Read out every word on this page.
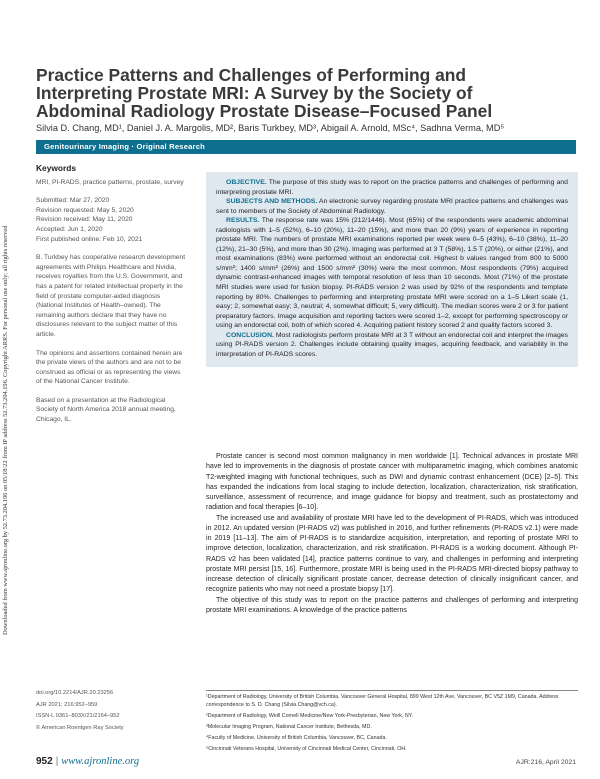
Downloaded from www.ajronline.org by 52.73.204.196 on 05/18/22 from IP address 52.73.204.196. Copyright ARRS. For personal use only; all rights reserved
Practice Patterns and Challenges of Performing and Interpreting Prostate MRI: A Survey by the Society of Abdominal Radiology Prostate Disease–Focused Panel
Silvia D. Chang, MD¹, Daniel J. A. Margolis, MD², Baris Turkbey, MD³, Abigail A. Arnold, MSc⁴, Sadhna Verma, MD⁵
Genitourinary Imaging · Original Research
Keywords

MRI, PI-RADS, practice patterns, prostate, survey

Submitted: Mar 27, 2020

Revision requested: May 5, 2020

Revision received: May 11, 2020

Accepted: Jun 1, 2020

First published online: Feb 10, 2021

B. Turkbey has cooperative research development agreements with Philips Healthcare and Nvidia, receives royalties from the U.S. Government, and has a patent for related intellectual property in the field of prostate computer-aided diagnosis (National Institutes of Health–owned). The remaining authors declare that they have no disclosures relevant to the subject matter of this article.

The opinions and assertions contained herein are the private views of the authors and are not to be construed as official or as representing the views of the National Cancer Institute.

Based on a presentation at the Radiological Society of North America 2018 annual meeting, Chicago, IL.

OBJECTIVE. The purpose of this study was to report on the practice patterns and challenges of performing and interpreting prostate MRI.

SUBJECTS AND METHODS. An electronic survey regarding prostate MRI practice patterns and challenges was sent to members of the Society of Abdominal Radiology.

RESULTS. The response rate was 15% (212/1446). Most (65%) of the respondents were academic abdominal radiologists with 1–5 (52%), 6–10 (20%), 11–20 (15%), and more than 20 (9%) years of experience in reporting prostate MRI. The numbers of prostate MRI examinations reported per week were 0–5 (43%), 6–10 (38%), 11–20 (12%), 21–30 (5%), and more than 30 (2%). Imaging was performed at 3 T (58%), 1.5 T (20%), or either (21%), and most examinations (83%) were performed without an endorectal coil. Highest b values ranged from 800 to 5000 s/mm²; 1400 s/mm² (26%) and 1500 s/mm² (30%) were the most common. Most respondents (79%) acquired dynamic contrast-enhanced images with temporal resolution of less than 10 seconds. Most (71%) of the prostate MRI studies were used for fusion biopsy. PI-RADS version 2 was used by 92% of the respondents and template reporting by 80%. Challenges to performing and interpreting prostate MRI were scored on a 1–5 Likert scale (1, easy; 2, somewhat easy; 3, neutral; 4, somewhat difficult; 5, very difficult). The median scores were 2 or 3 for patient preparatory factors. Image acquisition and reporting factors were scored 1–2, except for performing spectroscopy or using an endorectal coil, both of which scored 4. Acquiring patient history scored 2 and quality factors scored 3.

CONCLUSION. Most radiologists perform prostate MRI at 3 T without an endorectal coil and interpret the images using PI-RADS version 2. Challenges include obtaining quality images, acquiring feedback, and variability in the interpretation of PI-RADS scores.

Prostate cancer is second most common malignancy in men worldwide [1]. Technical advances in prostate MRI have led to improvements in the diagnosis of prostate cancer with multiparametric imaging, which combines anatomic T2-weighted imaging with functional techniques, such as DWI and dynamic contrast enhancement (DCE) [2–5]. This has expanded the indications from local staging to include detection, localization, characterization, risk stratification, surveillance, assessment of recurrence, and image guidance for biopsy and treatment, such as prostatectomy and radiation and focal therapies [6–10].

The increased use and availability of prostate MRI have led to the development of PI-RADS, which was introduced in 2012. An updated version (PI-RADS v2) was published in 2016, and further refinements (PI-RADS v2.1) were made in 2019 [11–13]. The aim of PI-RADS is to standardize acquisition, interpretation, and reporting of prostate MRI to improve detection, localization, characterization, and risk stratification. PI-RADS is a working document. Although PI-RADS v2 has been validated [14], practice patterns continue to vary, and challenges in performing and interpreting prostate MRI persist [15, 16]. Furthermore, prostate MRI is being used in the PI-RADS MRI-directed biopsy pathway to increase detection of clinically significant prostate cancer, decrease detection of clinically insignificant cancer, and recognize patients who may not need a prostate biopsy [17].

The objective of this study was to report on the practice patterns and challenges of performing and interpreting prostate MRI examinations. A knowledge of the practice patterns

doi.org/10.2214/AJR.20.23256
AJR 2021; 216:952–959
ISSN-L 0361–803X/21/2164–952
© American Roentgen Ray Society

¹Department of Radiology, University of British Columbia, Vancouver General Hospital, 899 West 12th Ave, Vancouver, BC V5Z 1M9, Canada. Address correspondence to S. D. Chang (Silvia.Chang@vch.ca).

²Department of Radiology, Weill Cornell Medicine/New York-Presbyterian, New York, NY.

³Molecular Imaging Program, National Cancer Institute, Bethesda, MD.

⁴Faculty of Medicine, University of British Columbia, Vancouver, BC, Canada.

⁵Cincinnati Veterans Hospital, University of Cincinnati Medical Center, Cincinnati, OH.

952 | www.ajronline.org	AJR:216, April 2021
